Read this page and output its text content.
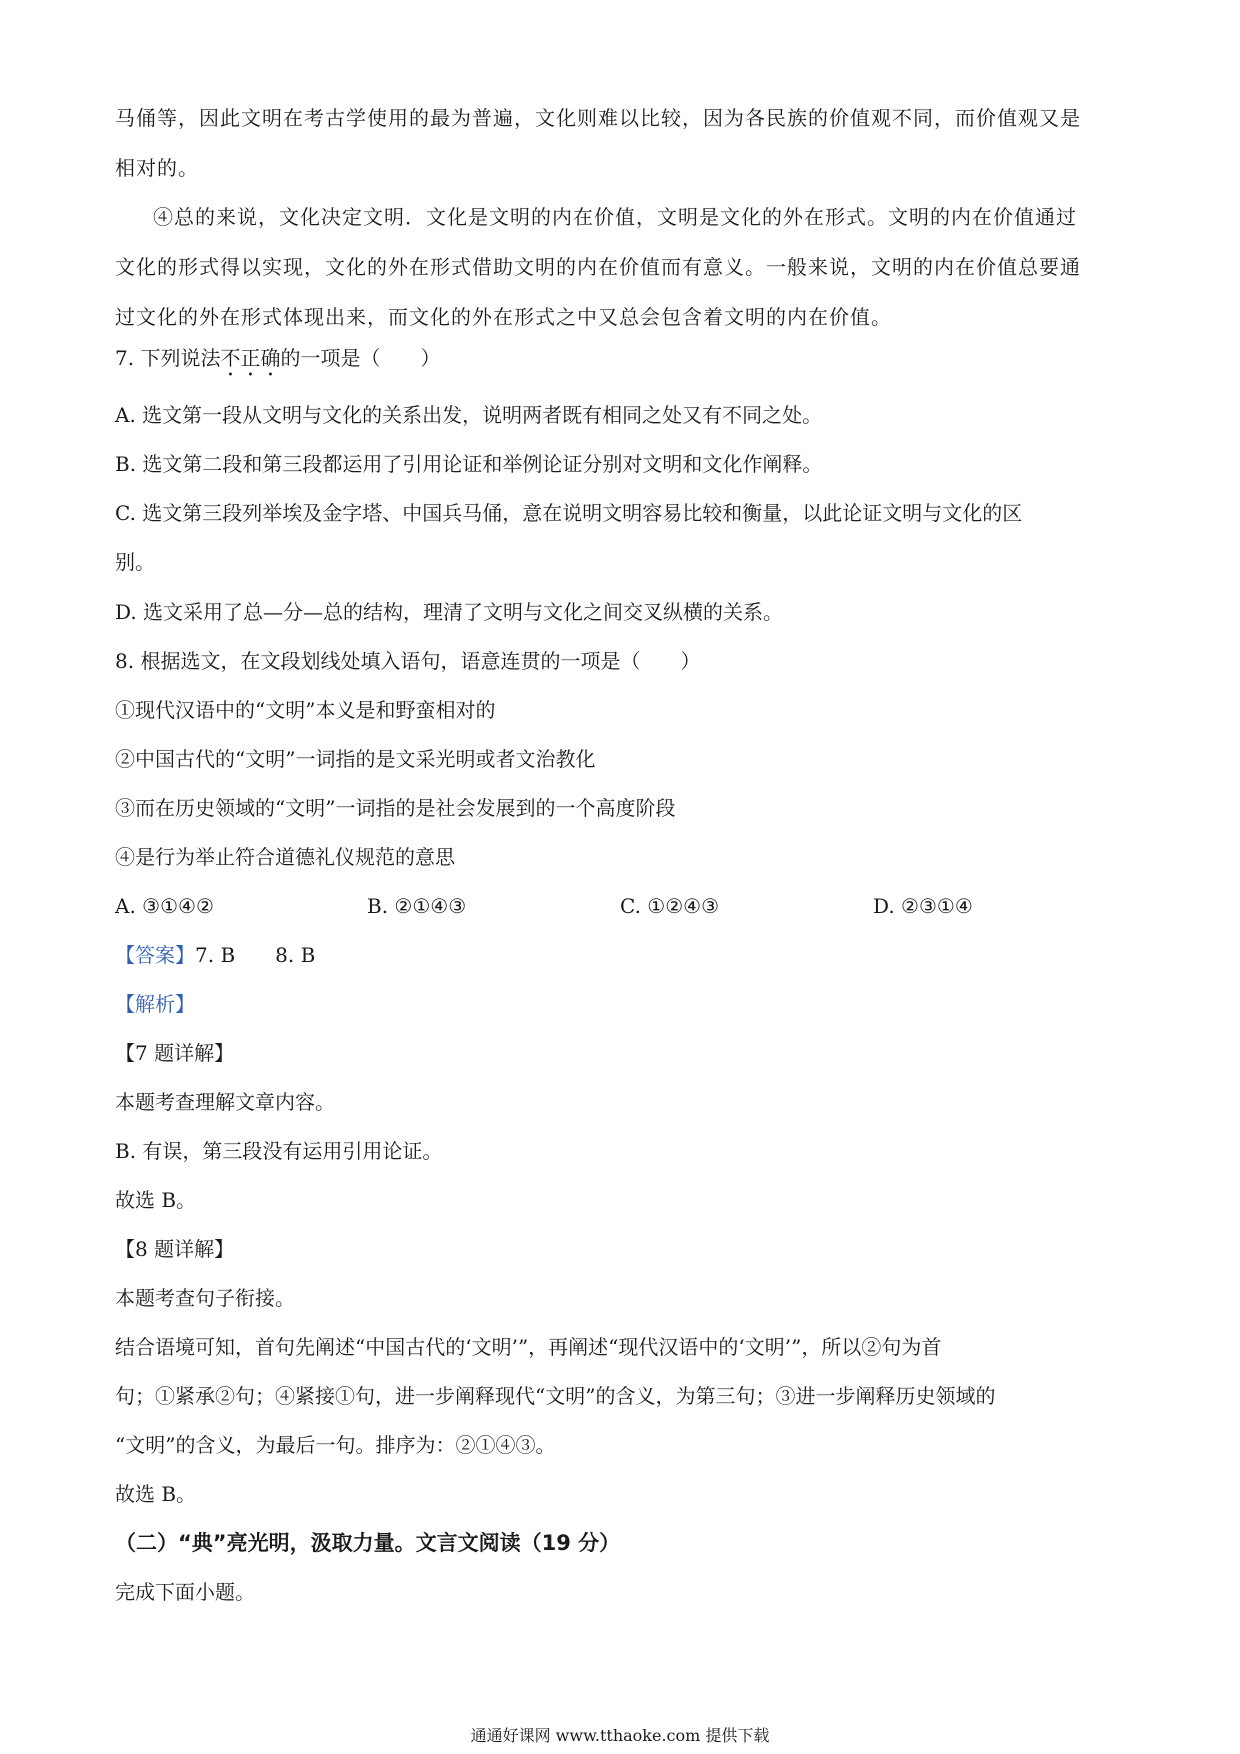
马俑等，因此文明在考古学使用的最为普遍，文化则难以比较，因为各民族的价值观不同，而价值观又是
相对的。
④总的来说，文化决定文明．文化是文明的内在价值，文明是文化的外在形式。文明的内在价值通过
文化的形式得以实现，文化的外在形式借助文明的内在价值而有意义。一般来说，文明的内在价值总要通
过文化的外在形式体现出来，而文化的外在形式之中又总会包含着文明的内在价值。
7. 下列说法不正确的一项是（　　）
A. 选文第一段从文明与文化的关系出发，说明两者既有相同之处又有不同之处。
B. 选文第二段和第三段都运用了引用论证和举例论证分别对文明和文化作阐释。
C. 选文第三段列举埃及金字塔、中国兵马俑，意在说明文明容易比较和衡量，以此论证文明与文化的区
别。
D. 选文采用了总—分—总的结构，理清了文明与文化之间交叉纵横的关系。
8. 根据选文，在文段划线处填入语句，语意连贯的一项是（　　）
①现代汉语中的“文明”本义是和野蛮相对的
②中国古代的“文明”一词指的是文采光明或者文治教化
③而在历史领域的“文明”一词指的是社会发展到的一个高度阶段
④是行为举止符合道德礼仪规范的意思
A. ③①④②	B. ②①④③	C. ①②④③	D. ②③①④
【答案】7. B　　8. B
【解析】
【7 题详解】
本题考查理解文章内容。
B. 有误，第三段没有运用引用论证。
故选 B。
【8 题详解】
本题考查句子衔接。
结合语境可知，首句先阐述“中国古代的‘文明’”，再阐述“现代汉语中的‘文明’”，所以②句为首
句；①紧承②句；④紧接①句，进一步阐释现代“文明”的含义，为第三句；③进一步阐释历史领域的
“文明”的含义，为最后一句。排序为：②①④③。
故选 B。
（二）“典”亮光明，汲取力量。文言文阅读（19 分）
完成下面小题。
通通好课网 www.tthaoke.com 提供下载
